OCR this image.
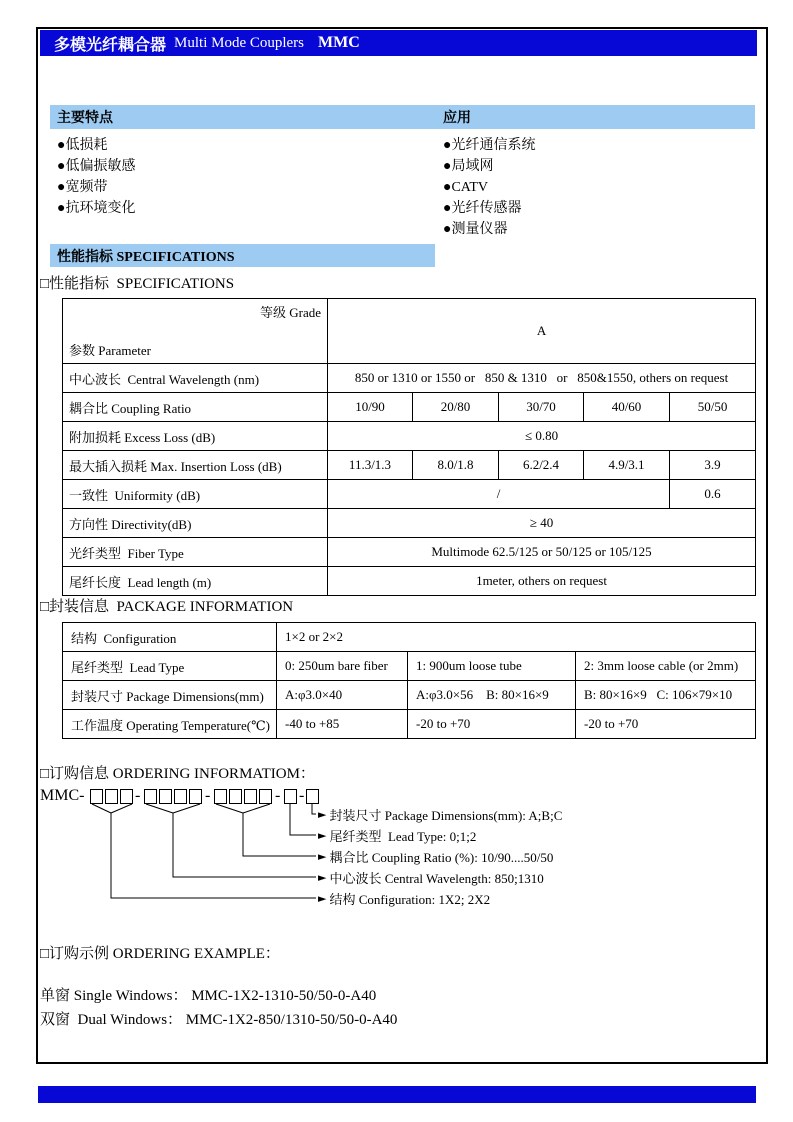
多模光纤耦合器 Multi Mode Couplers MMC
主要特点	应用
●低损耗
●低偏振敏感
●宽频带
●抗环境变化
●光纤通信系统
●局域网
●CATV
●光纤传感器
●测量仪器
性能指标 SPECIFICATIONS
□性能指标  SPECIFICATIONS

等级 Grade

参数 Parameter	A				
中心波长  Central Wavelength (nm)	850 or 1310 or 1550 or   850 & 1310   or   850&1550, others on request				
耦合比 Coupling Ratio	10/90	20/80	30/70	40/60	50/50
附加损耗 Excess Loss (dB)	≤ 0.80				
最大插入损耗 Max. Insertion Loss (dB)	11.3/1.3	8.0/1.8	6.2/2.4	4.9/3.1	3.9
一致性  Uniformity (dB)	/				0.6
方向性 Directivity(dB)	≥ 40				
光纤类型  Fiber Type	Multimode 62.5/125 or 50/125 or 105/125				
尾纤长度  Lead length (m)	1meter, others on request				
□封装信息  PACKAGE INFORMATION
结构  Configuration	1×2 or 2×2		
尾纤类型  Lead Type	0: 250um bare fiber	1: 900um loose tube	2: 3mm loose cable (or 2mm)
封装尺寸 Package Dimensions(mm)	A:φ3.0×40	A:φ3.0×56    B: 80×16×9	B: 80×16×9   C: 106×79×10
工作温度 Operating Temperature(℃)	-40 to +85	-20 to +70	-20 to +70
□订购信息 ORDERING INFORMATIOM：
MMC-	-	-	- -
► 封装尺寸 Package Dimensions(mm): A;B;C
► 尾纤类型  Lead Type: 0;1;2
► 耦合比 Coupling Ratio (%): 10/90....50/50
► 中心波长 Central Wavelength: 850;1310
► 结构 Configuration: 1X2; 2X2
□订购示例 ORDERING EXAMPLE：
单窗 Single Windows： MMC-1X2-1310-50/50-0-A40
双窗  Dual Windows： MMC-1X2-850/1310-50/50-0-A40
